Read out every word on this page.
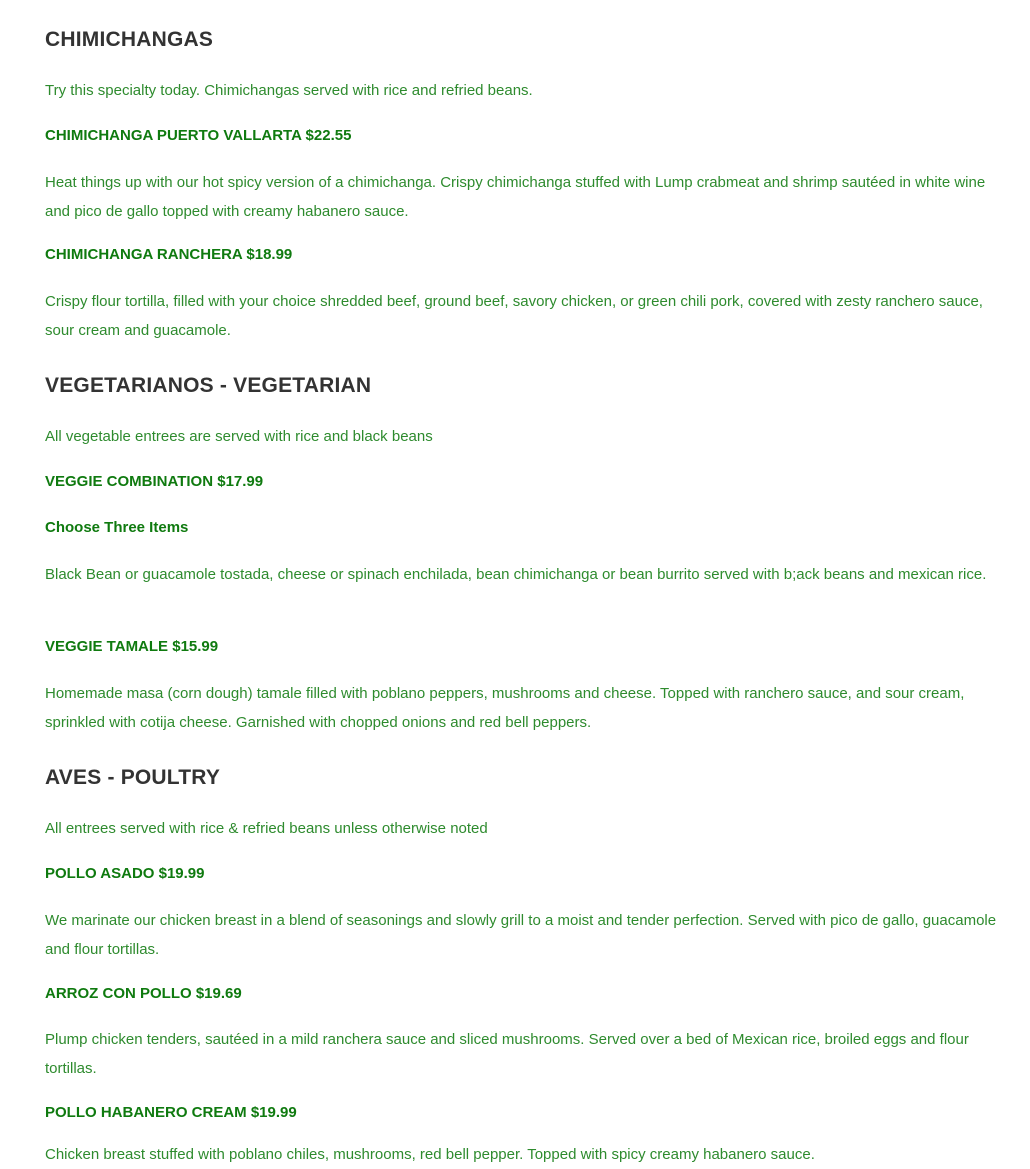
CHIMICHANGAS

Try this specialty today. Chimichangas served with rice and refried beans.

CHIMICHANGA PUERTO VALLARTA $22.55

Heat things up with our hot spicy version of a chimichanga. Crispy chimichanga stuffed with Lump crabmeat and shrimp sautéed in white wine and pico de gallo topped with creamy habanero sauce.

CHIMICHANGA RANCHERA $18.99

Crispy flour tortilla, filled with your choice shredded beef, ground beef, savory chicken, or green chili pork, covered with zesty ranchero sauce, sour cream and guacamole.

VEGETARIANOS - VEGETARIAN

All vegetable entrees are served with rice and black beans

VEGGIE COMBINATION $17.99

Choose Three Items

Black Bean or guacamole tostada, cheese or spinach enchilada, bean chimichanga or bean burrito served with b;ack beans and mexican rice.

VEGGIE TAMALE $15.99

Homemade masa (corn dough) tamale filled with poblano peppers, mushrooms and cheese. Topped with ranchero sauce, and sour cream, sprinkled with cotija cheese. Garnished with chopped onions and red bell peppers.

AVES - POULTRY

All entrees served with rice & refried beans unless otherwise noted

POLLO ASADO $19.99

We marinate our chicken breast in a blend of seasonings and slowly grill to a moist and tender perfection. Served with pico de gallo, guacamole and flour tortillas.

ARROZ CON POLLO $19.69

Plump chicken tenders, sautéed in a mild ranchera sauce and sliced mushrooms. Served over a bed of Mexican rice, broiled eggs and flour tortillas.

POLLO HABANERO CREAM $19.99

Chicken breast stuffed with poblano chiles, mushrooms, red bell pepper. Topped with spicy creamy habanero sauce.
